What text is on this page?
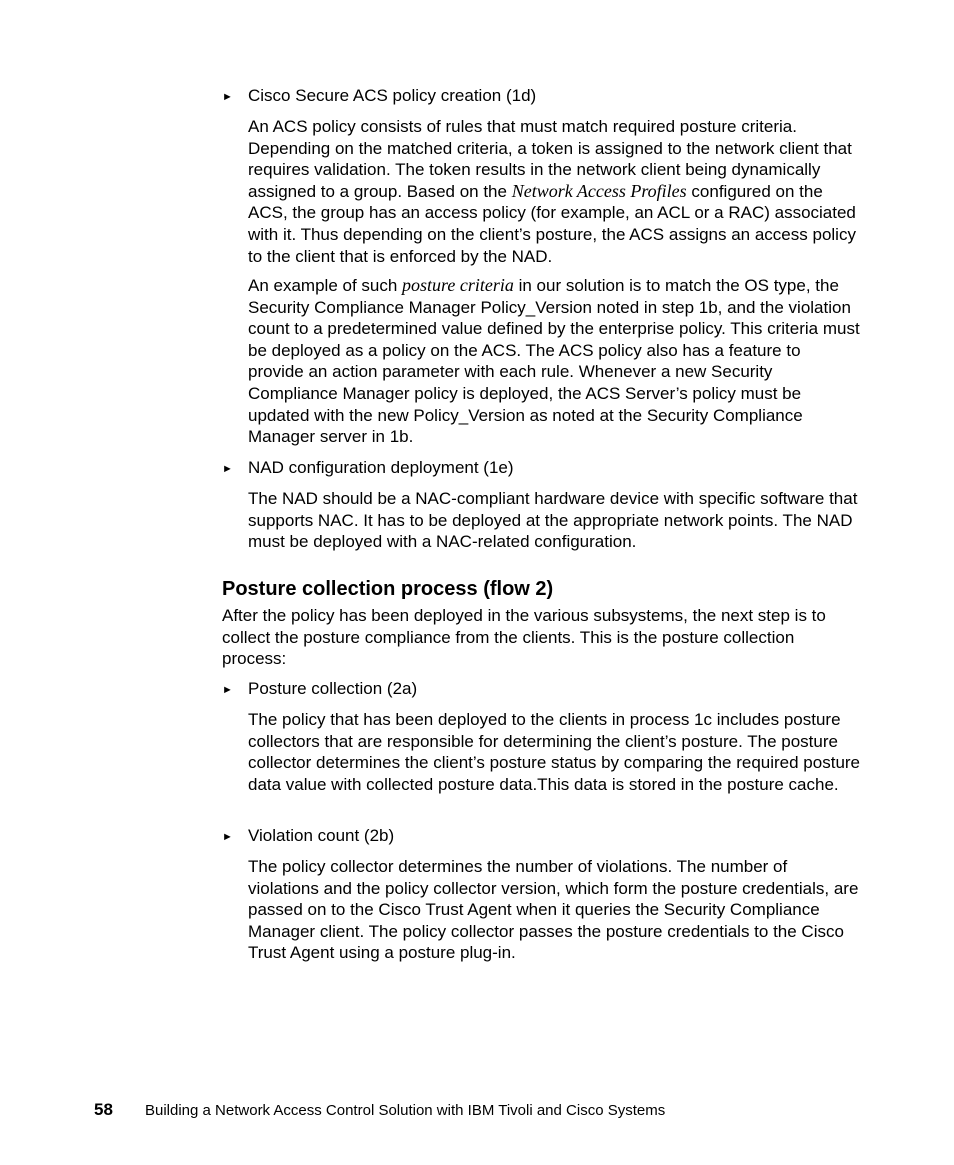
► Cisco Secure ACS policy creation (1d)

An ACS policy consists of rules that must match required posture criteria. Depending on the matched criteria, a token is assigned to the network client that requires validation. The token results in the network client being dynamically assigned to a group. Based on the Network Access Profiles configured on the ACS, the group has an access policy (for example, an ACL or a RAC) associated with it. Thus depending on the client’s posture, the ACS assigns an access policy to the client that is enforced by the NAD.

An example of such posture criteria in our solution is to match the OS type, the Security Compliance Manager Policy_Version noted in step 1b, and the violation count to a predetermined value defined by the enterprise policy. This criteria must be deployed as a policy on the ACS. The ACS policy also has a feature to provide an action parameter with each rule. Whenever a new Security Compliance Manager policy is deployed, the ACS Server’s policy must be updated with the new Policy_Version as noted at the Security Compliance Manager server in 1b.

► NAD configuration deployment (1e)

The NAD should be a NAC-compliant hardware device with specific software that supports NAC. It has to be deployed at the appropriate network points. The NAD must be deployed with a NAC-related configuration.

Posture collection process (flow 2)

After the policy has been deployed in the various subsystems, the next step is to collect the posture compliance from the clients. This is the posture collection process:

► Posture collection (2a)

The policy that has been deployed to the clients in process 1c includes posture collectors that are responsible for determining the client’s posture. The posture collector determines the client’s posture status by comparing the required posture data value with collected posture data.This data is stored in the posture cache.

► Violation count (2b)

The policy collector determines the number of violations. The number of violations and the policy collector version, which form the posture credentials, are passed on to the Cisco Trust Agent when it queries the Security Compliance Manager client. The policy collector passes the posture credentials to the Cisco Trust Agent using a posture plug-in.

58 Building a Network Access Control Solution with IBM Tivoli and Cisco Systems
